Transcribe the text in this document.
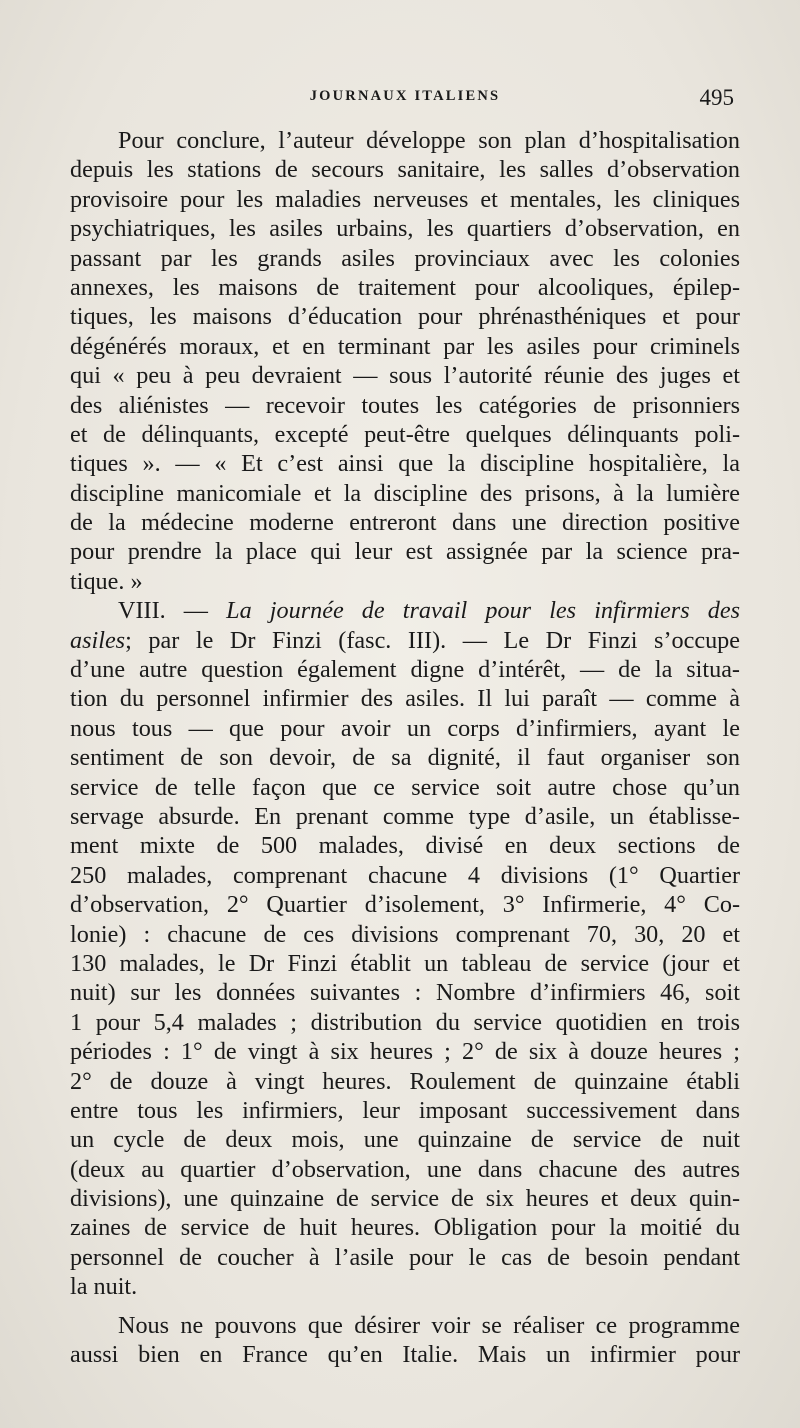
JOURNAUX ITALIENS	495
Pour conclure, l’auteur développe son plan d’hospitalisation
depuis les stations de secours sanitaire, les salles d’observation
provisoire pour les maladies nerveuses et mentales, les cliniques
psychiatriques, les asiles urbains, les quartiers d’observation, en
passant par les grands asiles provinciaux avec les colonies
annexes, les maisons de traitement pour alcooliques, épilep-
tiques, les maisons d’éducation pour phrénasthéniques et pour
dégénérés moraux, et en terminant par les asiles pour criminels
qui « peu à peu devraient — sous l’autorité réunie des juges et
des aliénistes — recevoir toutes les catégories de prisonniers
et de délinquants, excepté peut-être quelques délinquants poli-
tiques ». — « Et c’est ainsi que la discipline hospitalière, la
discipline manicomiale et la discipline des prisons, à la lumière
de la médecine moderne entreront dans une direction positive
pour prendre la place qui leur est assignée par la science pra-
tique. »
VIII. — La journée de travail pour les infirmiers des
asiles; par le Dr Finzi (fasc. III). — Le Dr Finzi s’occupe
d’une autre question également digne d’intérêt, — de la situa-
tion du personnel infirmier des asiles. Il lui paraît — comme à
nous tous — que pour avoir un corps d’infirmiers, ayant le
sentiment de son devoir, de sa dignité, il faut organiser son
service de telle façon que ce service soit autre chose qu’un
servage absurde. En prenant comme type d’asile, un établisse-
ment mixte de 500 malades, divisé en deux sections de
250 malades, comprenant chacune 4 divisions (1° Quartier
d’observation, 2° Quartier d’isolement, 3° Infirmerie, 4° Co-
lonie) : chacune de ces divisions comprenant 70, 30, 20 et
130 malades, le Dr Finzi établit un tableau de service (jour et
nuit) sur les données suivantes : Nombre d’infirmiers 46, soit
1 pour 5,4 malades ; distribution du service quotidien en trois
périodes : 1° de vingt à six heures ; 2° de six à douze heures ;
2° de douze à vingt heures. Roulement de quinzaine établi
entre tous les infirmiers, leur imposant successivement dans
un cycle de deux mois, une quinzaine de service de nuit
(deux au quartier d’observation, une dans chacune des autres
divisions), une quinzaine de service de six heures et deux quin-
zaines de service de huit heures. Obligation pour la moitié du
personnel de coucher à l’asile pour le cas de besoin pendant
la nuit.
Nous ne pouvons que désirer voir se réaliser ce programme
aussi bien en France qu’en Italie. Mais un infirmier pour
